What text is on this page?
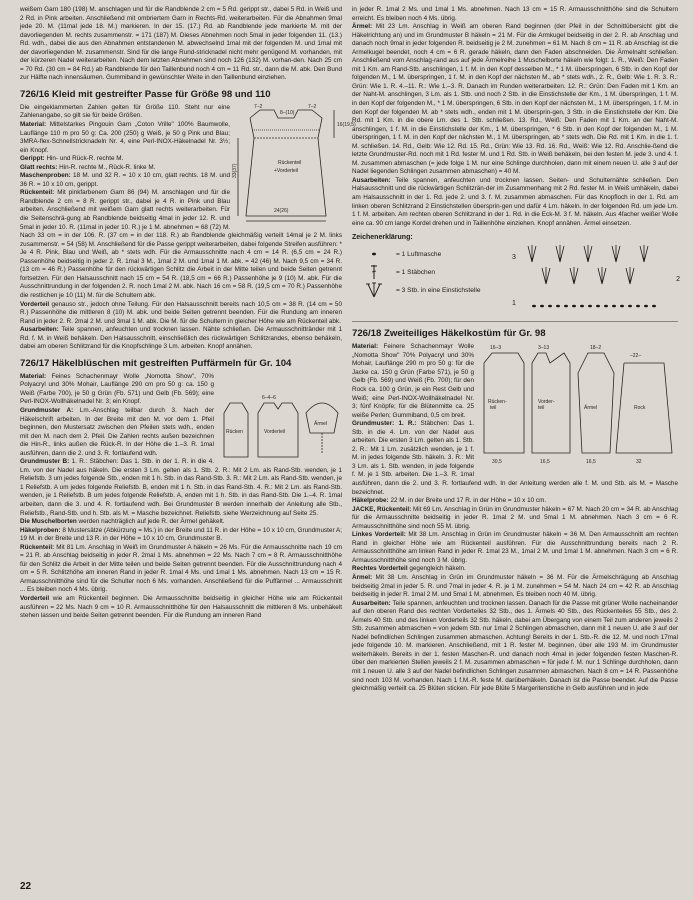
weißem Garn 180 (198) M. anschlagen und für die Randblende 2 cm = 5 Rd. gerippt str., dabei 5 Rd. in Weiß und 2 Rd. in Pink arbeiten. Anschließend mit ombriertem Garn in Rechts-Rd. weiterarbeiten. Für die Abnahmen 9mal jede 20. M. (11mal jede 18. M.) markieren. In der 15. (17.) Rd. ab Randblende jede markierte M. mit der davorliegenden M. rechts zusammenstr. = 171 (187) M. Dieses Abnehmen noch 5mal in jeder folgenden 11. (13.) Rd. wdh., dabei die aus den Abnahmen entstandenen M. abwechselnd 1mal mit der folgenden M. und 1mal mit der davorliegenden M. zusammenstr. Sind für die lange Rund-stricknadel nicht mehr genügend M. vorhanden, mit der kürzeren Nadel weiterarbeiten. Nach dem letzten Abnehmen sind noch 126 (132) M. vorhan-den. Nach 25 cm = 70 Rd. (30 cm = 84 Rd.) ab Randblende für den Taillenbund noch 4 cm = 11 Rd. str., dann die M. abk. Den Bund zur Hälfte nach innensäumen. Gummiband in gewünschter Weite in den Taillenbund einziehen.
726/16 Kleid mit gestreifter Passe für Größe 98 und 110
7–2
8–(10)
7–2
33(37)
16(19,5)
24(26)
Rückenteil
+Vorderteil

Die eingeklammerten Zahlen gelten für Größe 110. Steht nur eine Zahlenangabe, so gilt sie für beide Größen.

Material: Mittelstarkes Pingouin Garn „Coton Vrille" 100% Baumwolle, Lauflänge 110 m pro 50 g: Ca. 200 (250) g Weiß, je 50 g Pink und Blau; 3MRA-flex-Schnellstricknadeln Nr. 4, eine Perl-INOX-Häkelnadel Nr. 3½; ein Knopf.

Gerippt: Hin- und Rück-R. rechte M.

Glatt rechts: Hin-R. rechte M., Rück-R. linke M.

Maschenproben: 18 M. und 32 R. = 10 x 10 cm, glatt rechts. 18 M. und 36 R. = 10 x 10 cm, gerippt.

Rückenteil: Mit pinkfarbenem Garn 86 (94) M. anschlagen und für die Randblende 2 cm = 8 R. gerippt str., dabei je 4 R. in Pink und Blau arbeiten. Anschließend mit weißem Garn glatt rechts weiterarbeiten. Für die Seitenschrä-gung ab Randblende beidseitig 4mal in jeder 12. R. und 5mal in jeder 10. R. (11mal in jeder 10. R.) je 1 M. abnehmen = 68 (72) M. Nach 33 cm = in der 106. R. (37 cm = in der 118. R.) ab Randblende gleichmäßig verteilt 14mal je 2 M. links zusammenstr. = 54 (58) M. Anschließend für die Passe gerippt weiterarbeiten, dabei folgende Streifen ausführen: * Je 4 R. Pink, Blau und Weiß, ab * stets wdh. Für die Armausschnitte nach 4 cm = 14 R. (6,5 cm = 24 R.) Passenhöhe beidseitig in jeder 2. R. 1mal 3 M., 1mal 2 M. und 1mal 1 M. abk. = 42 (46) M. Nach 9,5 cm = 34 R. (13 cm = 46 R.) Passenhöhe für den rückwärtigen Schlitz die Arbeit in der Mitte teilen und beide Seiten getrennt fortsetzen. Für den Halsausschnitt nach 15 cm = 54 R. (18,5 cm = 66 R.) Passenhöhe je 9 (10) M. abk. Für die Ausschnittrundung in der folgenden 2. R. noch 1mal 2 M. abk. Nach 16 cm = 58 R. (19,5 cm = 70 R.) Passenhöhe die restlichen je 10 (11) M. für die Schultern abk.

Vorderteil genauso str., jedoch ohne Teilung. Für den Halsausschnitt bereits nach 10,5 cm = 38 R. (14 cm = 50 R.) Passenhöhe die mittleren 8 (10) M. abk. und beide Seiten getrennt beenden. Für die Rundung am inneren Rand in jeder 2. R. 2mal 2 M. und 3mal 1 M. abk. Die M. für die Schultern in gleicher Höhe wie am Rückenteil abk.

Ausarbeiten: Teile spannen, anfeuchten und trocknen lassen. Nähte schließen. Die Armausschnittränder mit 1 Rd. f. M. in Weiß behäkeln. Den Halsausschnitt, einschließlich des rückwärtigen Schlitzrandes, ebenso behäkeln, dabei am oberen Schlitzrand für die Knopfschlinge 3 Lm. arbeiten. Knopf annähen.

726/17 Häkelblüschen mit gestreiften Puffärmeln für Gr. 104
Rücken	Vorderteil
Ärmel
6–4–6

Material: Feines Schachenmayr Wolle „Nomotta Show", 70% Polyacryl und 30% Mohair, Lauflänge 290 cm pro 50 g: ca. 150 g Weiß (Farbe 700), je 50 g Grün (Fb. 571) und Gelb (Fb. 569); eine Perl-INOX-Wollhäkelnadel Nr. 3; ein Knopf.

Grundmuster A: Lm.-Anschlag teilbar durch 3. Nach der Häkelschrift arbeiten. In der Breite mit den M. vor dem 1. Pfeil beginnen, den Mustersatz zwischen den Pfeilen stets wdh., enden mit den M. nach dem 2. Pfeil. Die Zahlen rechts außen bezeichnen die Hin-R., links außen die Rück-R. In der Höhe die 1.–3. R. 1mal ausführen, dann die 2. und 3. R. fortlaufend wdh.

Grundmuster B: 1. R.: Stäbchen: Das 1. Stb. in der 1. R. in die 4. Lm. von der Nadel aus häkeln. Die ersten 3 Lm. gelten als 1. Stb. 2. R.: Mit 2 Lm. als Rand-Stb. wenden, je 1 Reliefstb. 3 um jedes folgende Stb., enden mit 1 h. Stb. in das Rand-Stb. 3. R.: Mit 2 Lm. als Rand-Stb. wenden, je 1 Reliefstb. A um jedes folgende Reliefstb. B, enden mit 1 h. Stb. in das Rand-Stb. 4. R.: Mit 2 Lm. als Rand-Stb. wenden, je 1 Reliefstb. B um jedes folgende Reliefstb. A, enden mit 1 h. Stb. in das Rand-Stb. Die 1.–4. R. 1mal arbeiten, dann die 3. und 4. R. fortlaufend wdh. Bei Grundmuster B werden innerhalb der Anleitung alle Stb., Reliefstb., Rand-Stb. und h. Stb. als M. = Masche bezeichnet. Reliefstb. siehe Werzeichnung auf Seite 25.

Die Muschelborten werden nachträglich auf jede R. der Ärmel gehäkelt.

Häkelproben: 8 Mustersätze (Abkürzung = Ms.) in der Breite und 11 R. in der Höhe = 10 x 10 cm, Grundmuster A; 19 M. in der Breite und 13 R. in der Höhe = 10 x 10 cm, Grundmuster B.

Rückenteil: Mit 81 Lm. Anschlag in Weiß im Grundmuster A häkeln = 26 Ms. Für die Armausschnitte nach 19 cm = 21 R. ab Anschlag beidseitig in jeder R. 2mal 1 Ms. abnehmen = 22 Ms. Nach 7 cm = 8 R. Armausschnitthöhe für den Schlitz die Arbeit in der Mitte teilen und beide Seiten getrennt beenden. Für die Ausschnittrundung nach 4 cm = 5 R. Schlitzhöhe am inneren Rand in jeder R. 1mal 4 Ms. und 1mal 1 Ms. abnehmen. Nach 13 cm = 15 R. Armausschnitthöhe sind für die Schulter noch 6 Ms. vorhanden. Anschließend für die Puffärmel ... Armausschnitt ... Es bleiben noch 4 Ms. übrig.

Vorderteil wie am Rückenteil beginnen. Die Armausschnitte beidseitig in gleicher Höhe wie am Rückenteil ausführen = 22 Ms. Nach 9 cm = 10 R. Armausschnitthöhe für den Halsausschnitt die mittleren 8 Ms. unbehäkelt stehen lassen und beide Seiten getrennt beenden. Für die Rundung am inneren Rand

in jeder R. 1mal 2 Ms. und 1mal 1 Ms. abnehmen. Nach 13 cm = 15 R. Armausschnitthöhe sind die Schultern erreicht. Es bleiben noch 4 Ms. übrig.

Ärmel: Mit 23 Lm. Anschlag in Weiß am oberen Rand beginnen (der Pfeil in der Schnittübersicht gibt die Häkelrichtung an) und im Grundmuster B häkeln = 21 M. Für die Armkugel beidseitig in der 2. R. ab Anschlag und danach noch 9mal in jeder folgenden R. beidseitig je 2 M. zunehmen = 61 M. Nach 8 cm = 11 R. ab Anschlag ist die Armelkugel beendet, noch 4 cm = 6 R. gerade häkeln, dann den Faden abschneiden. Die Ärmelnaht schließen. Anschließend vom Anschlag-rand aus auf jede Ärmelreihe 1 Muschelborte häkeln wie folgt: 1. R., Weiß: Den Faden mit 1 Km. am Rand-Stb. anschlingen, 1 f. M. in den Kopf desselben M., * 1 M. überspringen, 6 Stb. in den Kopf der folgenden M., 1 M. überspringen, 1 f. M. in den Kopf der nächsten M., ab * stets wdh., 2. R., Gelb: Wie 1. R. 3. R.: Grün: Wie 1. R. 4.–11. R.: Wie 1.–3. R. Danach im Runden weiterarbeiten. 12. R.: Grün: Den Faden mit 1 Km. an der Naht-M. anschlingen, 3 Lm. als 1. Stb. und noch 2 Stb. in die Einstichstelle der Km., 1 M. überspringen, 1 f. M. in den Kopf der folgenden M., * 1 M. überspringen, 6 Stb. in den Kopf der nächsten M., 1 M. überspringen, 1 f. M. in den Kopf der folgenden M. ab * stets wdh., enden mit 1 M. übersprin-gen, 3 Stb. in die Einstichstelle der Km. Die Rd. mit 1 Km. in die obere Lm. des 1. Stb. schließen. 13. Rd., Weiß: Den Faden mit 1 Km. an der Naht-M. anschlingen, 1 f. M. in die Einstichstelle der Km., 1 M. überspringen, * 6 Stb. in den Kopf der folgenden M., 1 M. überspringen, 1 f. M. in den Kopf der nächsten M., 1 M. überspringen, ab * stets wdh. Die Rd. mit 1 Km. in die 1. f. M. schließen. 14. Rd., Gelb: Wie 12. Rd. 15. Rd., Grün: Wie 13. Rd. 16. Rd., Weiß: Wie 12. Rd. Anschlie-ßend die letzte Grundmuster-Rd. noch mit 1 Rd. fester M. und 1 Rd. Stb. in Weiß behäkeln, bei den festen M. jede 3. und 4. f. M. zusammen abmaschen (= jede folge 1 M. nur eine Schlinge durchholen, dann mit einem neuen U. alle 3 auf der Nadel liegenden Schlingen zusammen abmaschen) = 40 M.

Ausarbeiten: Teile spannen, anfeuchten und trocknen lassen. Seiten- und Schulternähte schließen. Den Halsausschnitt und die rückwärtigen Schlitzrän-der im Zusammenhang mit 2 Rd. fester M. in Weiß umhäkeln, dabei am Halsausschnitt in der 1. Rd. jede 2. und 3. f. M. zusammen abmaschen. Für das Knopfloch in der 1. Rd. am linken oberen Schlitzrand 2 Einstichstellen übersprin-gen und dafür 4 Lm. häkeln. In der folgenden Rd. um jede Lm. 1 f. M. arbeiten. Am rechten oberen Schlitzrand in der 1. Rd. in die Eck-M. 3 f. M. häkeln. Aus 4facher weißer Wolle eine ca. 90 cm lange Kordel drehen und in Taillenhöhe einziehen. Knopf annähen. Ärmel einsetzen.

Zeichenerklärung:
= 1 Luftmasche
= 1 Stäbchen
= 3 Stb. in eine Einstichstelle
3
2
1
726/18 Zweiteiliges Häkelkostüm für Gr. 98
16–3	3–13	18–2
–22–
Rücken-
teil
Vorder-
teil	Ärmel	Rock
30,5	16,5	16,5	32

Material: Feinere Schachenmayr Wolle „Nomotta Show" 70% Polyacryl und 30% Mohair, Lauflänge 290 m pro 50 g: für die Jacke ca. 150 g Grün (Farbe 571), je 50 g Gelb (Fb. 569) und Weiß (Fb. 700); für den Rock ca. 100 g Grün, je ein Rest Gelb und Weiß; eine Perl-INOX-Wollhäkelnadel Nr. 3; fünf Knöpfe; für die Blütenmitte ca. 25 weiße Perlen; Gummiband, 0,5 cm breit.

Grundmuster: 1. R.: Stäbchen: Das 1. Stb. in die 4. Lm. von der Nadel aus arbeiten. Die ersten 3 Lm. gelten als 1. Stb. 2. R.: Mit 1 Lm. zusätzlich wenden, je 1 f. M. in jedes folgende Stb. häkeln. 3. R.: Mit 3 Lm. als 1. Stb. wenden, in jede folgende f. M. je 1 Stb. arbeiten. Die 1.–3. R. 1mal ausführen, dann die 2. und 3. R. fortlaufend wdh. In der Anleitung werden alle f. M. und Stb. als M. = Masche bezeichnet.

Häkelprobe: 22 M. in der Breite und 17 R. in der Höhe = 10 x 10 cm.

JACKE, Rückenteil: Mit 69 Lm. Anschlag in Grün im Grundmuster häkeln = 67 M. Nach 20 cm = 34 R. ab Anschlag für die Armausschnitte beidseitig in jeder R. 1mal 2 M. und 5mal 1 M. abnehmen. Nach 3 cm = 6 R. Armausschnitthöhe sind noch 55 M. übrig.

Linkes Vorderteil: Mit 38 Lm. Anschlag in Grün im Grundmuster häkeln = 36 M. Den Armausschnitt am rechten Rand in gleicher Höhe wie am Rückenteil ausführen. Für die Ausschnittrundung bereits nach 2 R. Armausschnitthöhe am linken Rand in jeder R. 1mal 23 M., 1mal 2 M. und 1mal 1 M. abnehmen. Nach 3 cm = 6 R. Armausschnitthöhe sind noch 3 M. übrig.

Rechtes Vorderteil gegengleich häkeln.

Ärmel: Mit 38 Lm. Anschlag in Grün im Grundmuster häkeln = 36 M. Für die Ärmelschrägung ab Anschlag beidseitig 2mal in jeder 5. R. und 7mal in jeder 4. R. je 1 M. zunehmen = 54 M. Nach 24 cm = 42 R. ab Anschlag beidseitig in jeder R. 1mal 2 M. und 5mal 1 M. abnehmen. Es bleiben noch 40 M. übrig.

Ausarbeiten: Teile spannen, anfeuchten und trocknen lassen. Danach für die Passe mit grüner Wolle nacheinander auf den oberen Rand des rechten Vorderteiles 32 Stb., des 1. Ärmels 40 Stb., des Rückenteiles 55 Stb., des 2. Ärmels 40 Stb. und des linken Vorderteils 32 Stb. häkeln, dabei am Übergang von einem Teil zum anderen jeweils 2 Stb. zusammen abmaschen = von jedem Stb. nur 1mal 2 Schlingen abmaschen, dann mit 1 neuen U. alle 3 auf der Nadel befindlichen Schlingen zusammen abmaschen. Achtung! Bereits in der 1. Stb.-R. die 12. M. und noch 17mal jede folgende 10. M. markieren. Anschließend, mit 1 R. fester M. beginnen, über alle 193 M. im Grundmuster weiterhäkeln. Bereits in der 1. festen Maschen-R. und danach noch 4mal in jeder folgenden festen Maschen-R. über den markierten Stellen jeweils 2 f. M. zusammen abmaschen = für jede f. M. nur 1 Schlinge durchholen, dann mit 1 neuen U. alle 3 auf der Nadel befindlichen Schlingen zusammen abmaschen. Nach 8 cm = 14 R. Passenhöhe sind noch 103 M. vorhanden. Nach 1 f.M.-R. feste M. darüberhäkeln. Danach ist die Passe beendet. Auf die Passe gleichmäßig verteilt ca. 25 Blüten sticken. Für jede Blüte 5 Margeritenstiche in Gelb ausführen und in jede

22
